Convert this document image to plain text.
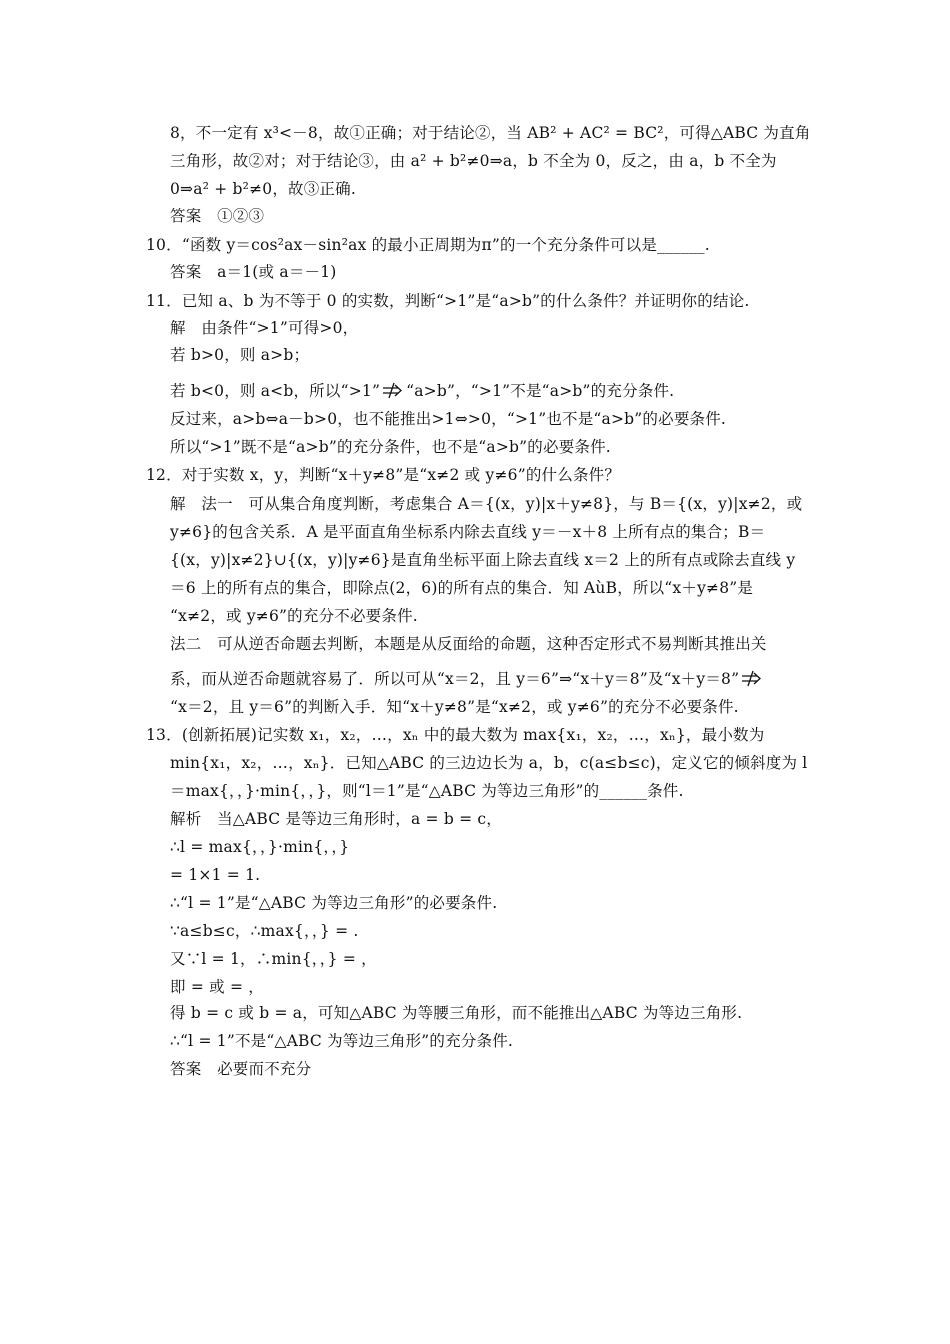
8，不一定有 x³<－8，故①正确；对于结论②，当 AB² + AC² = BC²，可得△ABC 为直角
三角形，故②对；对于结论③，由 a² + b²≠0⇒a，b 不全为 0，反之，由 a，b 不全为
0⇒a² + b²≠0，故③正确.
答案　①②③
10．“函数 y＝cos²ax－sin²ax 的最小正周期为π”的一个充分条件可以是______.
答案　a＝1(或 a＝－1)
11．已知 a、b 为不等于 0 的实数，判断“>1”是“a>b”的什么条件？并证明你的结论.
解　由条件“>1”可得>0，
若 b>0，则 a>b；
若 b<0，则 a<b，所以“>1” “a>b”，“>1”不是“a>b”的充分条件.
反过来，a>b⇔a－b>0，也不能推出>1⇔>0，“>1”也不是“a>b”的必要条件.
所以“>1”既不是“a>b”的充分条件，也不是“a>b”的必要条件.
12．对于实数 x，y，判断“x＋y≠8”是“x≠2 或 y≠6”的什么条件？
解　法一　可从集合角度判断，考虑集合 A＝{(x，y)|x＋y≠8}，与 B＝{(x，y)|x≠2，或
y≠6}的包含关系．A 是平面直角坐标系内除去直线 y＝－x＋8 上所有点的集合；B＝
{(x，y)|x≠2}∪{(x，y)|y≠6}是直角坐标平面上除去直线 x＝2 上的所有点或除去直线 y
＝6 上的所有点的集合，即除点(2，6)的所有点的集合．知 AùB，所以“x＋y≠8”是
“x≠2，或 y≠6”的充分不必要条件.
法二　可从逆否命题去判断，本题是从反面给的命题，这种否定形式不易判断其推出关
系，而从逆否命题就容易了．所以可从“x＝2，且 y＝6”⇒“x＋y＝8”及“x＋y＝8”
“x＝2，且 y＝6”的判断入手．知“x＋y≠8”是“x≠2，或 y≠6”的充分不必要条件.
13．(创新拓展)记实数 x₁，x₂，…，xₙ 中的最大数为 max{x₁，x₂，…，xₙ}，最小数为
min{x₁，x₂，…，xₙ}．已知△ABC 的三边边长为 a，b，c(a≤b≤c)，定义它的倾斜度为 l
＝max{，，}·min{，，}，则“l＝1”是“△ABC 为等边三角形”的______条件.
解析　当△ABC 是等边三角形时，a = b = c，
∴l = max{，，}·min{，，}
= 1×1 = 1.
∴“l = 1”是“△ABC 为等边三角形”的必要条件.
∵a≤b≤c，∴max{，，} = .
又∵l = 1，∴min{，，} = ，
即 = 或 = ，
得 b = c 或 b = a，可知△ABC 为等腰三角形，而不能推出△ABC 为等边三角形.
∴“l = 1”不是“△ABC 为等边三角形”的充分条件.
答案　必要而不充分
